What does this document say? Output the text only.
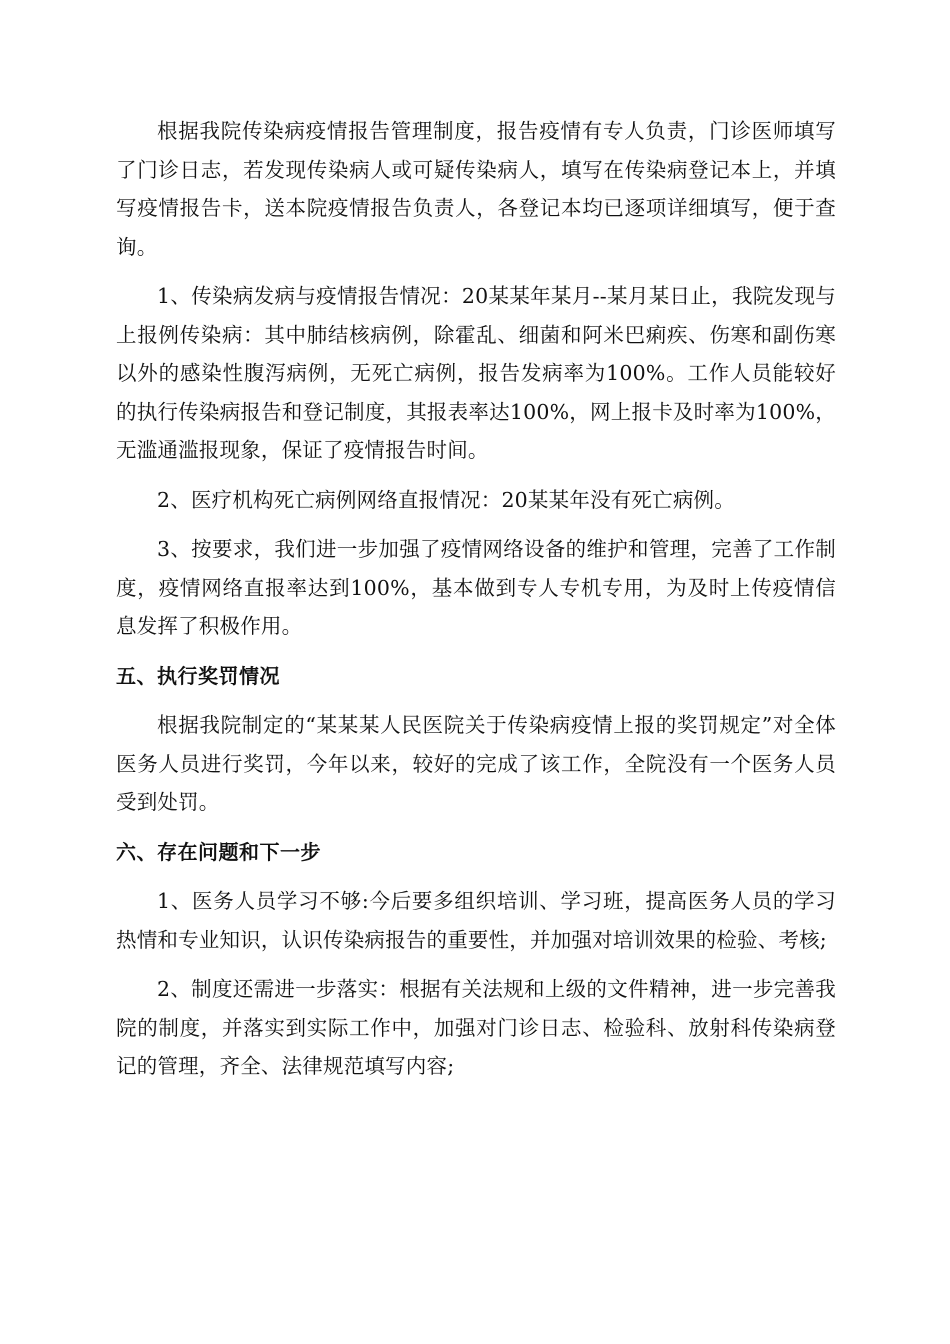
根据我院传染病疫情报告管理制度，报告疫情有专人负责，门诊医师填写了门诊日志，若发现传染病人或可疑传染病人，填写在传染病登记本上，并填写疫情报告卡，送本院疫情报告负责人，各登记本均已逐项详细填写，便于查询。

1、传染病发病与疫情报告情况：20某某年某月--某月某日止，我院发现与上报例传染病：其中肺结核病例，除霍乱、细菌和阿米巴痢疾、伤寒和副伤寒以外的感染性腹泻病例，无死亡病例，报告发病率为100%。工作人员能较好的执行传染病报告和登记制度，其报表率达100%，网上报卡及时率为100%，无滥通滥报现象，保证了疫情报告时间。

2、医疗机构死亡病例网络直报情况：20某某年没有死亡病例。

3、按要求，我们进一步加强了疫情网络设备的维护和管理，完善了工作制度，疫情网络直报率达到100%，基本做到专人专机专用，为及时上传疫情信息发挥了积极作用。

五、执行奖罚情况

根据我院制定的“某某某人民医院关于传染病疫情上报的奖罚规定”对全体医务人员进行奖罚，今年以来，较好的完成了该工作，全院没有一个医务人员受到处罚。

六、存在问题和下一步

1、医务人员学习不够:今后要多组织培训、学习班，提高医务人员的学习热情和专业知识，认识传染病报告的重要性，并加强对培训效果的检验、考核;

2、制度还需进一步落实：根据有关法规和上级的文件精神，进一步完善我院的制度，并落实到实际工作中，加强对门诊日志、检验科、放射科传染病登记的管理，齐全、法律规范填写内容;
